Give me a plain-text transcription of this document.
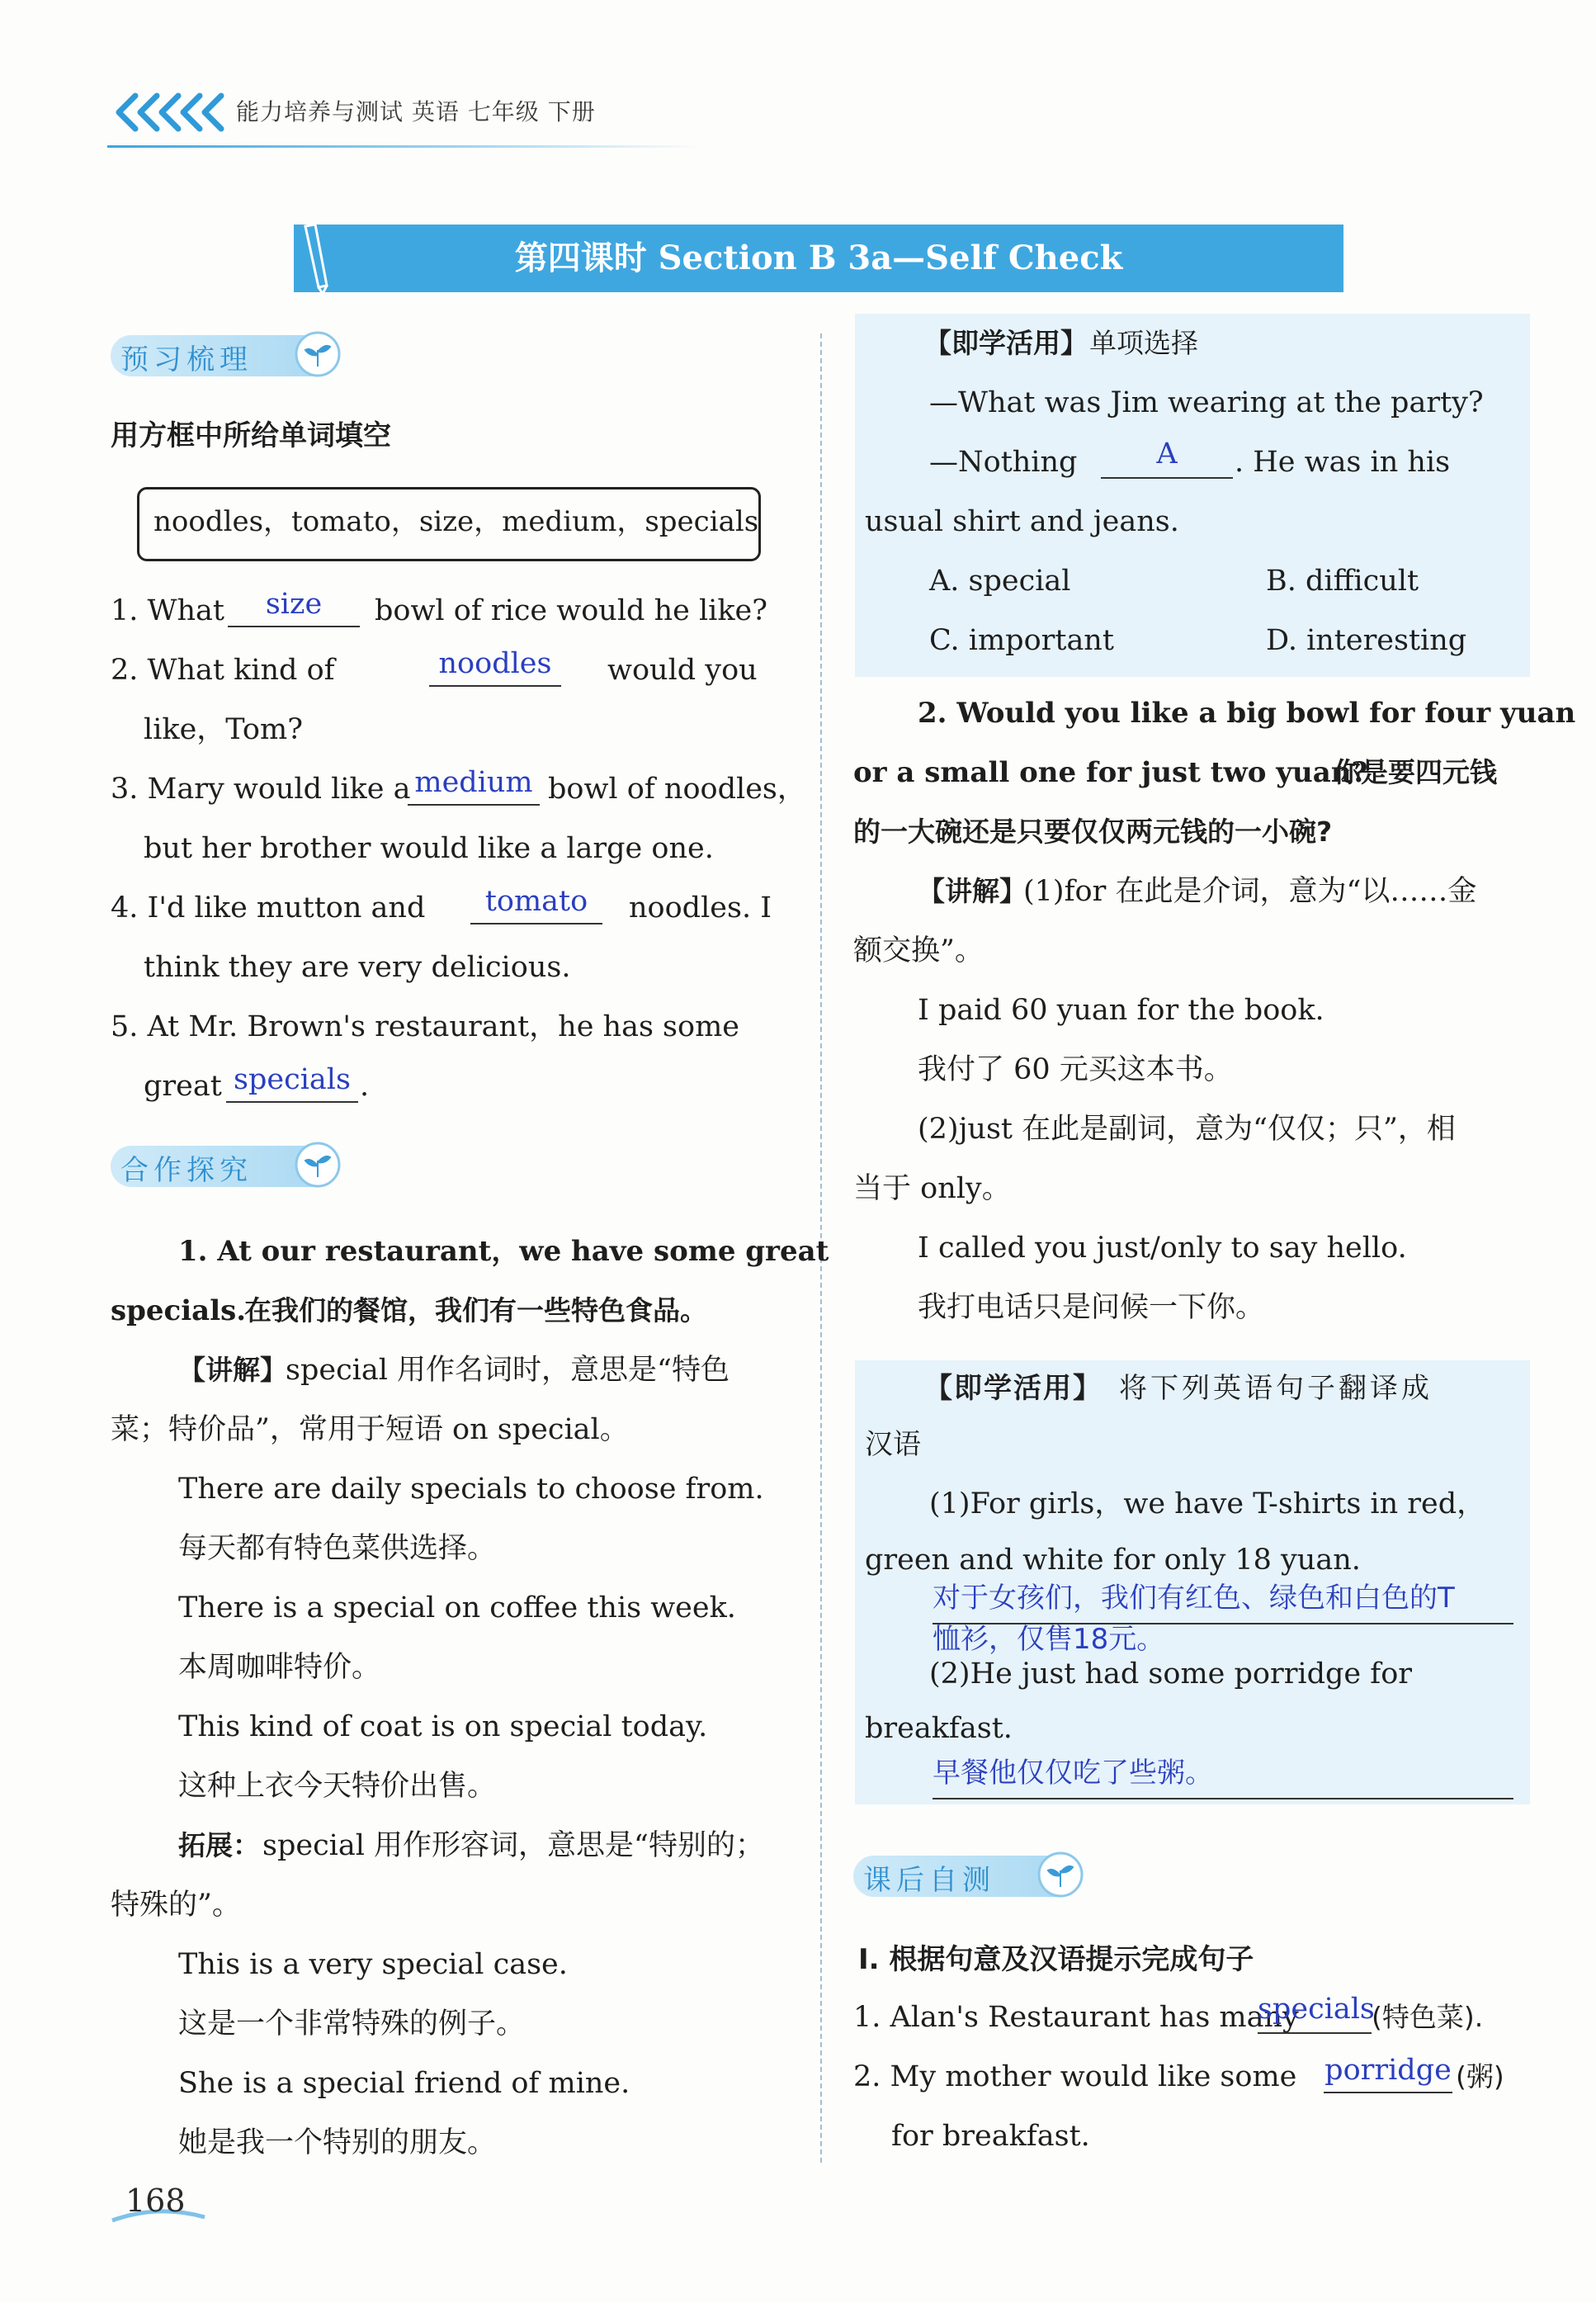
能力培养与测试 英语 七年级 下册
第四课时 Section B 3a—Self Check
预习梳理
用方框中所给单词填空
noodles，tomato，size，medium，specials
1. What	size	bowl of rice would he like?
2. What kind of	noodles	would you
like，Tom?
3. Mary would like a medium bowl of noodles，
but her brother would like a large one.
4. I'd like mutton and	tomato	noodles. I
think they are very delicious.
5. At Mr. Brown's restaurant，he has some
great specials .
合作探究
1. At our restaurant，we have some great
specials.
在我们的餐馆，我们有一些特色食品。
【讲解】
special 用作名词时，意思是“特色
菜；特价品”，常用于短语 on special。
There are daily specials to choose from.
每天都有特色菜供选择。
There is a special on coffee this week.
本周咖啡特价。
This kind of coat is on special today.
这种上衣今天特价出售。
拓展： special 用作形容词，意思是“特别的；
特殊的”。
This is a very special case.
这是一个非常特殊的例子。
She is a special friend of mine.
她是我一个特别的朋友。
【即学活用】 单项选择
—What was Jim wearing at the party?
—Nothing	A	. He was in his
usual shirt and jeans.
A. special	B. difficult
C. important	D. interesting
2. Would you like a big bowl for four yuan
or a small one for just two yuan?
你是要四元钱
的一大碗还是只要仅仅两元钱的一小碗?
【讲解】
(1)for 在此是介词，意为“以……金
额交换”。
I paid 60 yuan for the book.
我付了 60 元买这本书。
(2)just 在此是副词，意为“仅仅；只”，相
当于 only。
I called you just/only to say hello.
我打电话只是问候一下你。
【即学活用】 将下列英语句子翻译成
汉语
(1)For girls，we have T-shirts in red，
green and white for only 18 yuan.
对于女孩们，我们有红色、绿色和白色的T
恤衫，仅售18元。
(2)He just had some porridge for
breakfast.
早餐他仅仅吃了些粥。
课后自测
Ⅰ. 根据句意及汉语提示完成句子
1. Alan's Restaurant has many
specials
(特色菜).
2. My mother would like some porridge (粥)
for breakfast.
168
